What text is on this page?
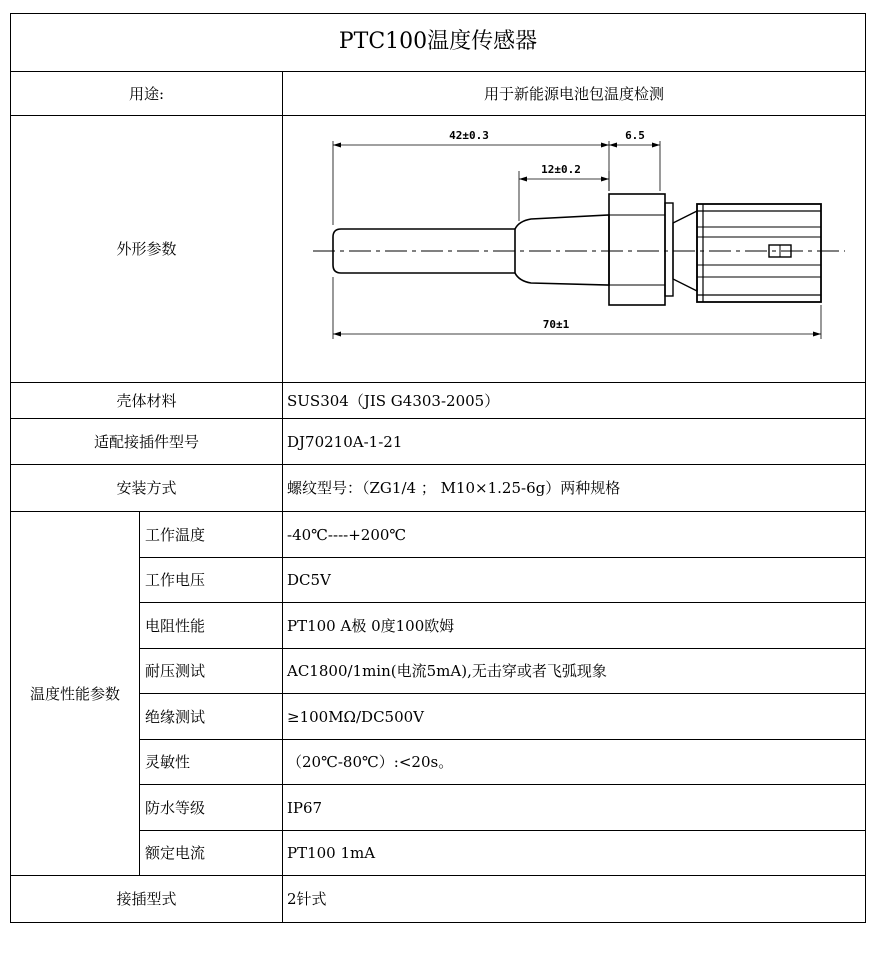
PTC100温度传感器		
用途:		用于新能源电池包温度检测
外形参数		42±0.3 6.5
12±0.2
70±1

壳体材料		SUS304（JIS G4303-2005）
适配接插件型号		DJ70210A-1-21
安装方式		螺纹型号：（ZG1/4 ； M10×1.25-6g）两种规格
温度性能参数	工作温度	-40℃----+200℃
	工作电压	DC5V
	电阻性能	PT100 A极 0度100欧姆
	耐压测试	AC1800/1min(电流5mA),无击穿或者飞弧现象
	绝缘测试	≥100MΩ/DC500V
	灵敏性	（20℃-80℃）:<20s。
	防水等级	IP67
	额定电流	PT100 1mA
接插型式		2针式
